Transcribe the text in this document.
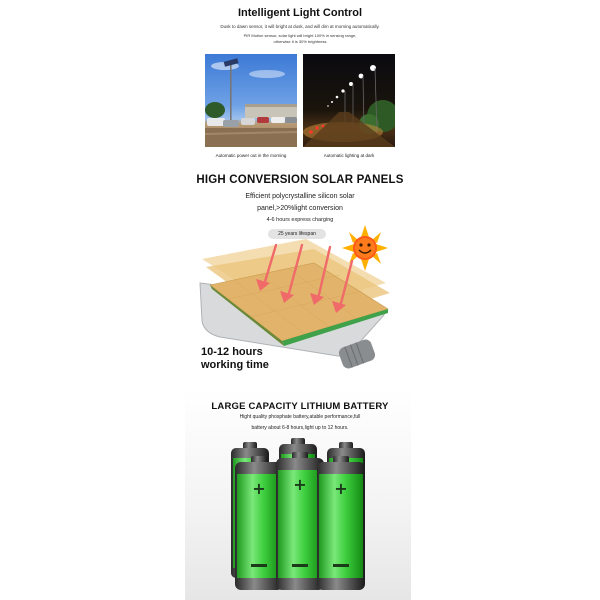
Intelligent Light Control
Dusk to dawn sensor, it will bright at dusk, and will dim at morning automatically.
PIR Motion sensor, solar light will bright 100% in sensing range,
otherwise it is 30% brightness
Automatic power out in the morning	Automatic lighting at dark
HIGH CONVERSION SOLAR PANELS
Efficient polycrystalline silicon solar
panel,>20%light conversion
4-6 hours express charging
25 years lifespan
10-12 hours
working time
LARGE CAPACITY LITHIUM BATTERY
Hight quality phosphate battery,atable performance,full
battery about 6-8 hours,light up to 12 hours.
+ + +
